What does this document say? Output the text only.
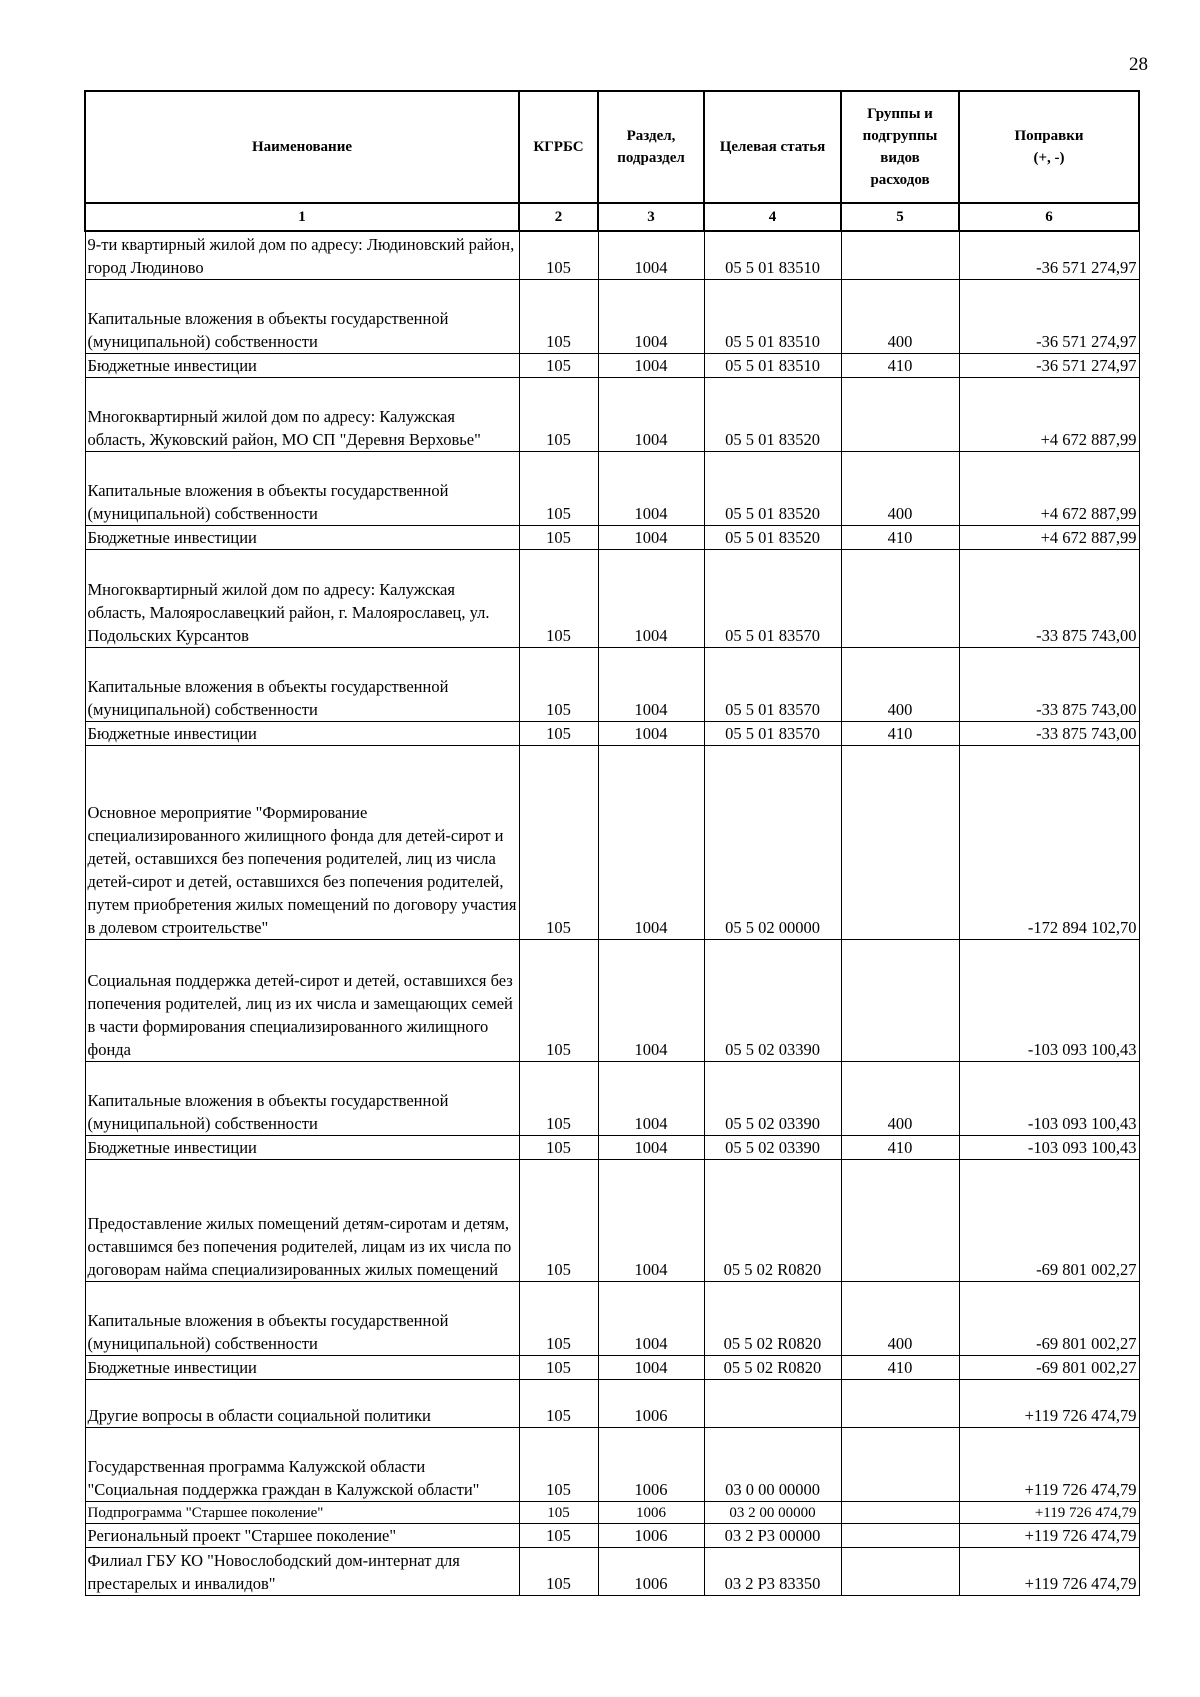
28
Наименование	КГРБС	Раздел, подраздел	Целевая статья	Группы и подгруппы видов расходов	Поправки (+, -)
1	2	3	4	5	6
9-ти квартирный жилой дом по адресу: Людиновский район, город Людиново	105	1004	05 5 01 83510		-36 571 274,97
Капитальные вложения в объекты государственной (муниципальной) собственности	105	1004	05 5 01 83510	400	-36 571 274,97
Бюджетные инвестиции	105	1004	05 5 01 83510	410	-36 571 274,97
Многоквартирный жилой дом по адресу: Калужская область, Жуковский район, МО СП "Деревня Верховье"	105	1004	05 5 01 83520		+4 672 887,99
Капитальные вложения в объекты государственной (муниципальной) собственности	105	1004	05 5 01 83520	400	+4 672 887,99
Бюджетные инвестиции	105	1004	05 5 01 83520	410	+4 672 887,99
Многоквартирный жилой дом по адресу: Калужская область, Малоярославецкий район, г. Малоярославец, ул. Подольских Курсантов	105	1004	05 5 01 83570		-33 875 743,00
Капитальные вложения в объекты государственной (муниципальной) собственности	105	1004	05 5 01 83570	400	-33 875 743,00
Бюджетные инвестиции	105	1004	05 5 01 83570	410	-33 875 743,00
Основное мероприятие "Формирование специализированного жилищного фонда для детей-сирот и детей, оставшихся без попечения родителей, лиц из числа детей-сирот и детей, оставшихся без попечения родителей, путем приобретения жилых помещений по договору участия в долевом строительстве"	105	1004	05 5 02 00000		-172 894 102,70
Социальная поддержка детей-сирот и детей, оставшихся без попечения родителей, лиц из их числа и замещающих семей в части формирования специализированного жилищного фонда	105	1004	05 5 02 03390		-103 093 100,43
Капитальные вложения в объекты государственной (муниципальной) собственности	105	1004	05 5 02 03390	400	-103 093 100,43
Бюджетные инвестиции	105	1004	05 5 02 03390	410	-103 093 100,43
Предоставление жилых помещений детям-сиротам и детям, оставшимся без попечения родителей, лицам из их числа по договорам найма специализированных жилых помещений	105	1004	05 5 02 R0820		-69 801 002,27
Капитальные вложения в объекты государственной (муниципальной) собственности	105	1004	05 5 02 R0820	400	-69 801 002,27
Бюджетные инвестиции	105	1004	05 5 02 R0820	410	-69 801 002,27
Другие вопросы в области социальной политики	105	1006			+119 726 474,79
Государственная программа Калужской области "Социальная поддержка граждан в Калужской области"	105	1006	03 0 00 00000		+119 726 474,79
Подпрограмма "Старшее поколение"	105	1006	03 2 00 00000		+119 726 474,79
Региональный проект "Старшее поколение"	105	1006	03 2 P3 00000		+119 726 474,79
Филиал ГБУ КО "Новослободский дом-интернат для престарелых и инвалидов"	105	1006	03 2 P3 83350		+119 726 474,79
